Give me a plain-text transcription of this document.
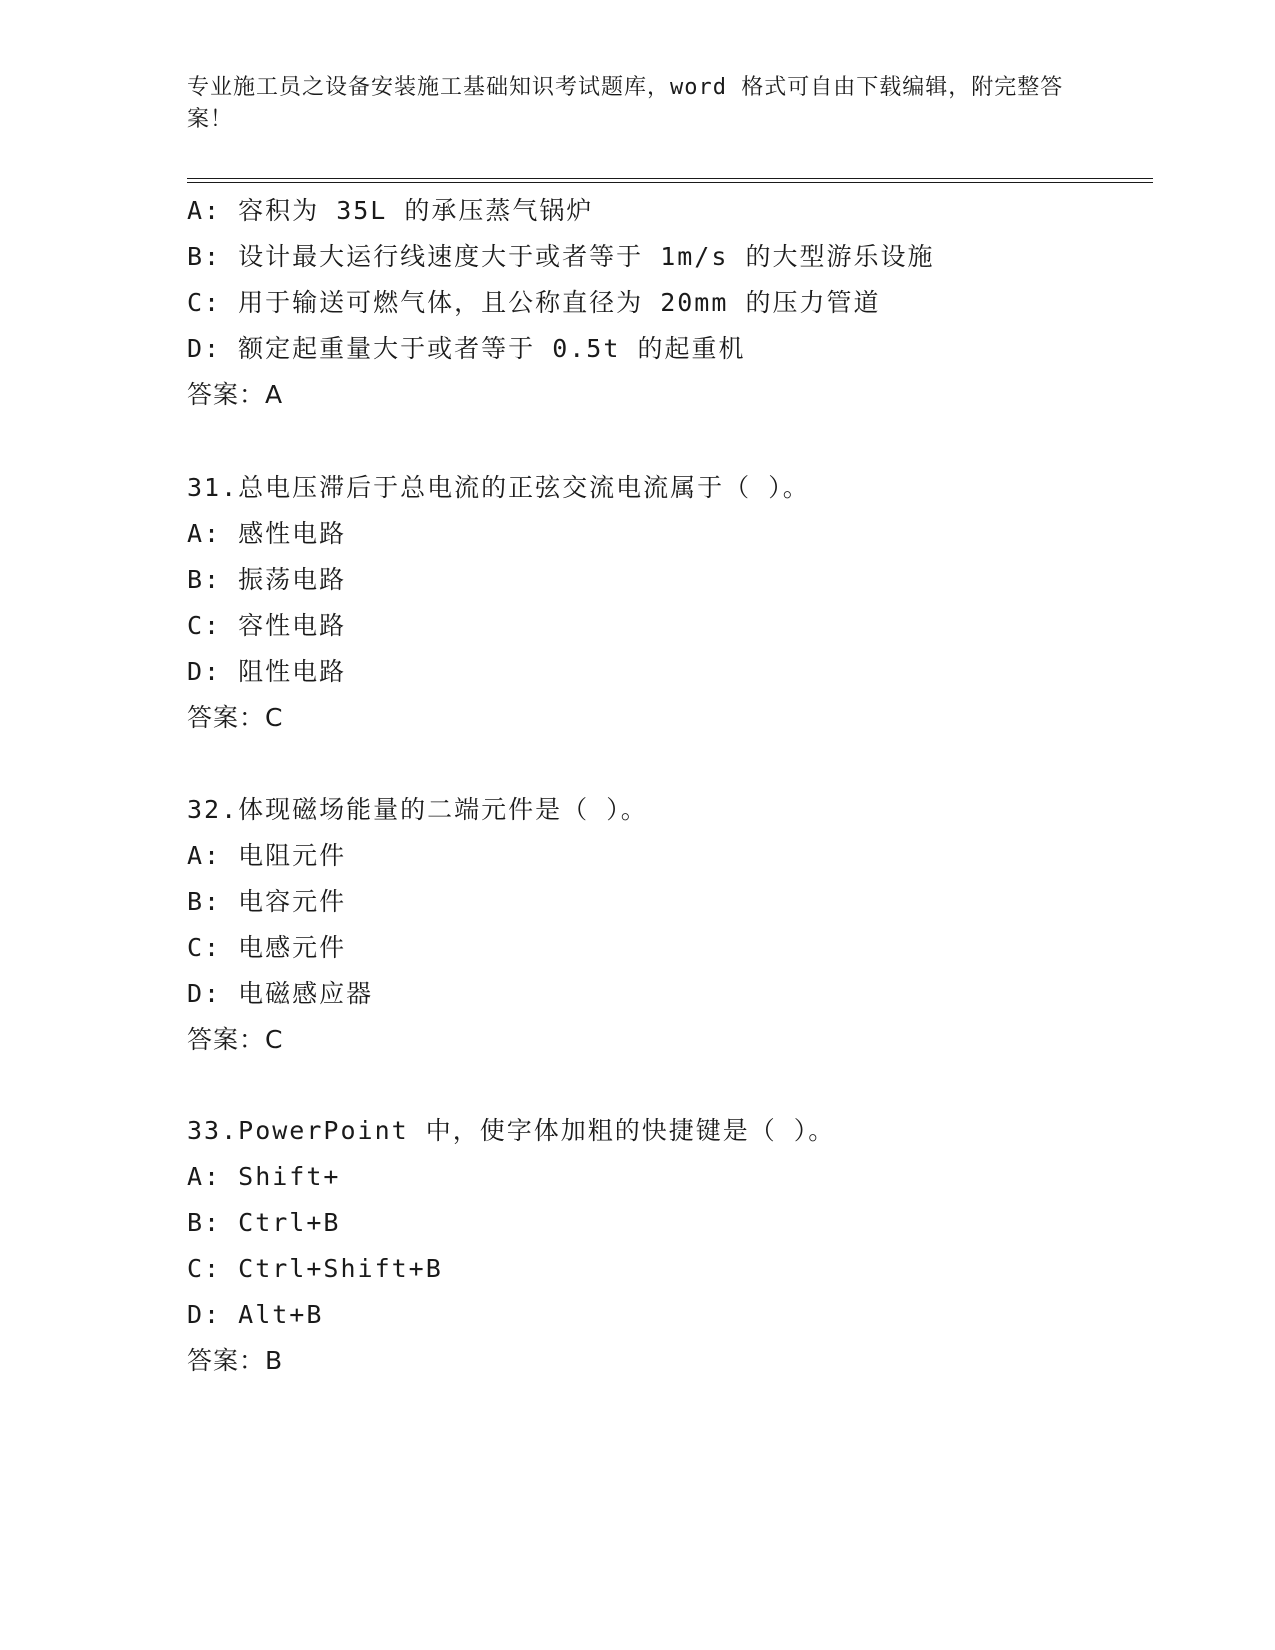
专业施工员之设备安装施工基础知识考试题库，word 格式可自由下载编辑，附完整答案！
A: 容积为 35L 的承压蒸气锅炉
B: 设计最大运行线速度大于或者等于 1m/s 的大型游乐设施
C: 用于输送可燃气体，且公称直径为 20mm 的压力管道
D: 额定起重量大于或者等于 0.5t 的起重机
答案：A
31.总电压滞后于总电流的正弦交流电流属于（ ）。
A: 感性电路
B: 振荡电路
C: 容性电路
D: 阻性电路
答案：C
32.体现磁场能量的二端元件是（ ）。
A: 电阻元件
B: 电容元件
C: 电感元件
D: 电磁感应器
答案：C
33.PowerPoint 中，使字体加粗的快捷键是（ ）。
A: Shift+
B: Ctrl+B
C: Ctrl+Shift+B
D: Alt+B
答案：B
